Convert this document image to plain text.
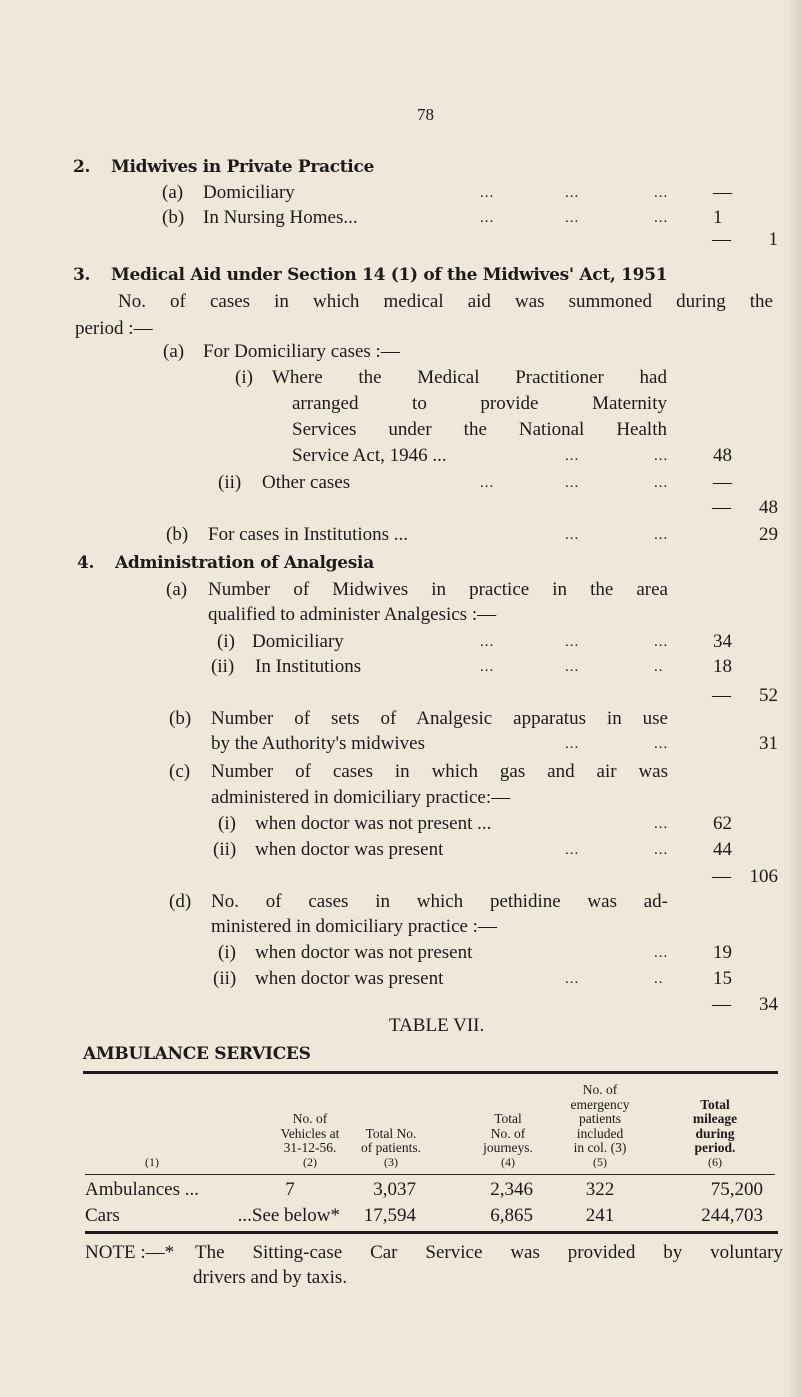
78
2. Midwives in Private Practice
(a) Domiciliary	...	...	... —
(b) In Nursing Homes...	...	...	... 1
—	1
3. Medical Aid under Section 14 (1) of the Midwives' Act, 1951
No. of cases in which medical aid was summoned during the
period :—
(a) For Domiciliary cases :—
(i) Where the Medical Practitioner had
arranged to provide Maternity
Services under the National Health
Service Act, 1946 ...	...	... 48
(ii) Other cases	...	...	... —
—	48
(b) For cases in Institutions ...	...	...	29
4. Administration of Analgesia
(a) Number of Midwives in practice in the area
qualified to administer Analgesics :—
(i) Domiciliary	...	...	... 34
(ii) In Institutions	...	...	..	18
—	52
(b) Number of sets of Analgesic apparatus in use
by the Authority's midwives	...	...	31
(c) Number of cases in which gas and air was
administered in domiciliary practice:—
(i) when doctor was not present ...	... 62
(ii) when doctor was present	...	... 44
— 106
(d) No. of cases in which pethidine was ad-
ministered in domiciliary practice :—
(i) when doctor was not present	... 19
(ii) when doctor was present	...	..	15
—	34
TABLE VII.
AMBULANCE SERVICES
(1)
No. of
Vehicles at
31-12-56.
(2)
Total No.
of patients.
(3)
Total
No. of
journeys.
(4)
No. of
emergency
patients
included
in col. (3)
(5)
Total
mileage
during
period.
(6)
Ambulances ...	7	3,037	2,346	322	75,200
Cars	...See below*	17,594	6,865	241	244,703
NOTE :—* The Sitting-case Car Service was provided by voluntary
drivers and by taxis.
